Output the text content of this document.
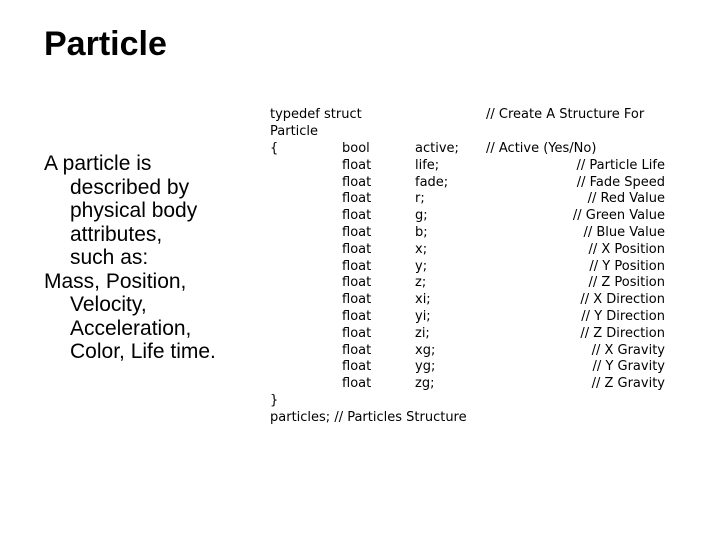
Particle
A particle is
described by
physical body
attributes,
such as:
Mass, Position,
Velocity,
Acceleration,
Color, Life time.
typedef struct	// Create A Structure For
Particle
{	bool	active; // Active (Yes/No)
float	life;	// Particle Life
float	fade;	// Fade Speed
float	r;	// Red Value
float	g;	// Green Value
float	b;	// Blue Value
float	x;	// X Position
float	y;	// Y Position
float	z;	// Z Position
float	xi;	// X Direction
float	yi;	// Y Direction
float	zi;	// Z Direction
float	xg;	// X Gravity
float	yg;	// Y Gravity
float	zg;	// Z Gravity
}
particles; // Particles Structure
